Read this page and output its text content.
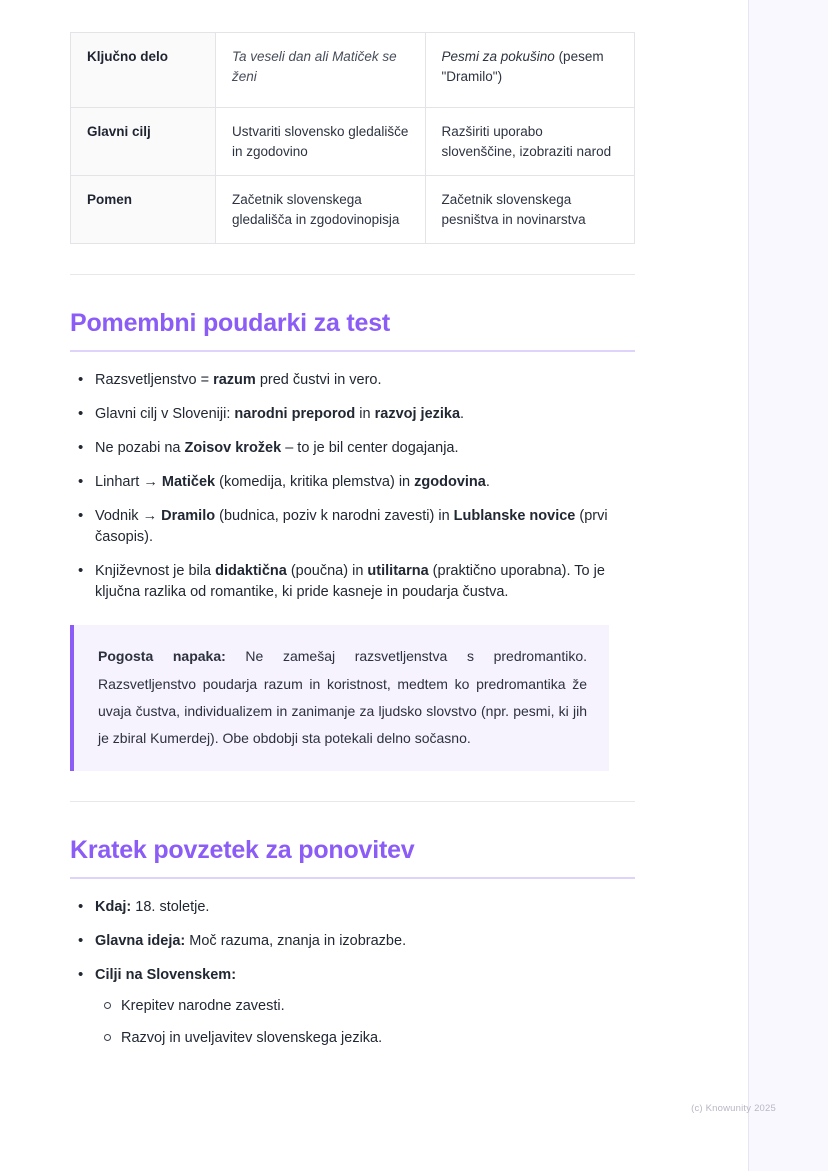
Ključno delo	Ta veseli dan ali Matiček se ženi	Pesmi za pokušino (pesem "Dramilo")
Glavni cilj	Ustvariti slovensko gledališče in zgodovino	Razširiti uporabo slovenščine, izobraziti narod
Pomen	Začetnik slovenskega gledališča in zgodovinopisja	Začetnik slovenskega pesništva in novinarstva
Pomembni poudarki za test
• Razsvetljenstvo = razum pred čustvi in vero.
• Glavni cilj v Sloveniji: narodni preporod in razvoj jezika.
• Ne pozabi na Zoisov krožek – to je bil center dogajanja.
• Linhart → Matiček (komedija, kritika plemstva) in zgodovina.
• Vodnik → Dramilo (budnica, poziv k narodni zavesti) in Lublanske novice (prvi časopis).
• Književnost je bila didaktična (poučna) in utilitarna (praktično uporabna). To je ključna razlika od romantike, ki pride kasneje in poudarja čustva.
Pogosta napaka: Ne zamešaj razsvetljenstva s predromantiko. Razsvetljenstvo poudarja razum in koristnost, medtem ko predromantika že uvaja čustva, individualizem in zanimanje za ljudsko slovstvo (npr. pesmi, ki jih je zbiral Kumerdej). Obe obdobji sta potekali delno sočasno.
Kratek povzetek za ponovitev
• Kdaj: 18. stoletje.
• Glavna ideja: Moč razuma, znanja in izobrazbe.
• Cilji na Slovenskem:
Krepitev narodne zavesti.
Razvoj in uveljavitev slovenskega jezika.
(c) Knowunity 2025
